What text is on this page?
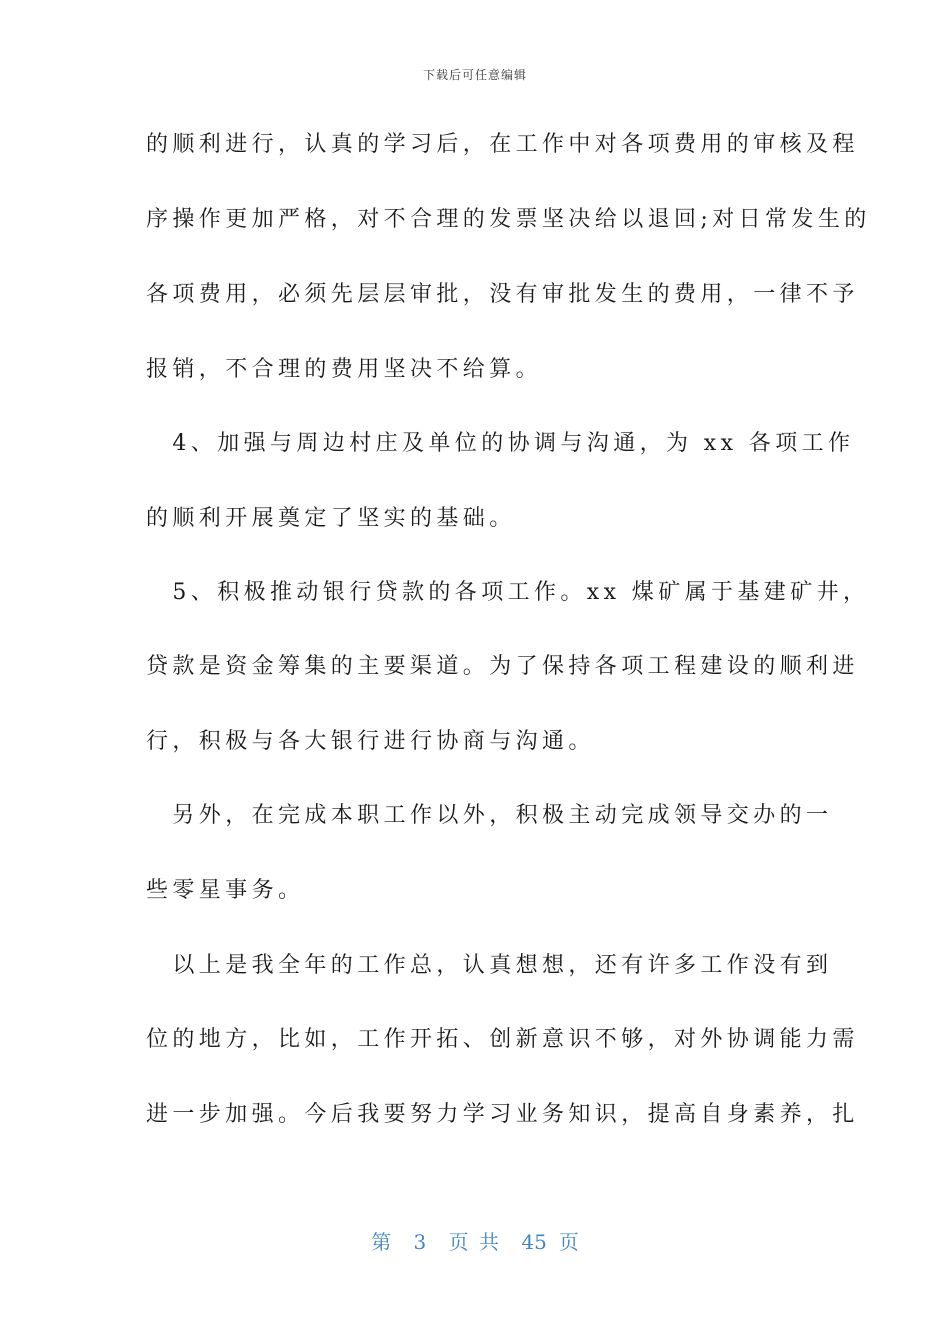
下载后可任意编辑
的顺利进行，认真的学习后，在工作中对各项费用的审核及程
序操作更加严格，对不合理的发票坚决给以退回;对日常发生的
各项费用，必须先层层审批，没有审批发生的费用，一律不予
报销，不合理的费用坚决不给算。
　4、加强与周边村庄及单位的协调与沟通，为 xx 各项工作
的顺利开展奠定了坚实的基础。
　5、积极推动银行贷款的各项工作。xx 煤矿属于基建矿井，
贷款是资金筹集的主要渠道。为了保持各项工程建设的顺利进
行，积极与各大银行进行协商与沟通。
　另外，在完成本职工作以外，积极主动完成领导交办的一
些零星事务。
　以上是我全年的工作总，认真想想，还有许多工作没有到
位的地方，比如，工作开拓、创新意识不够，对外协调能力需
进一步加强。今后我要努力学习业务知识，提高自身素养，扎
第 3 页 共 45 页
